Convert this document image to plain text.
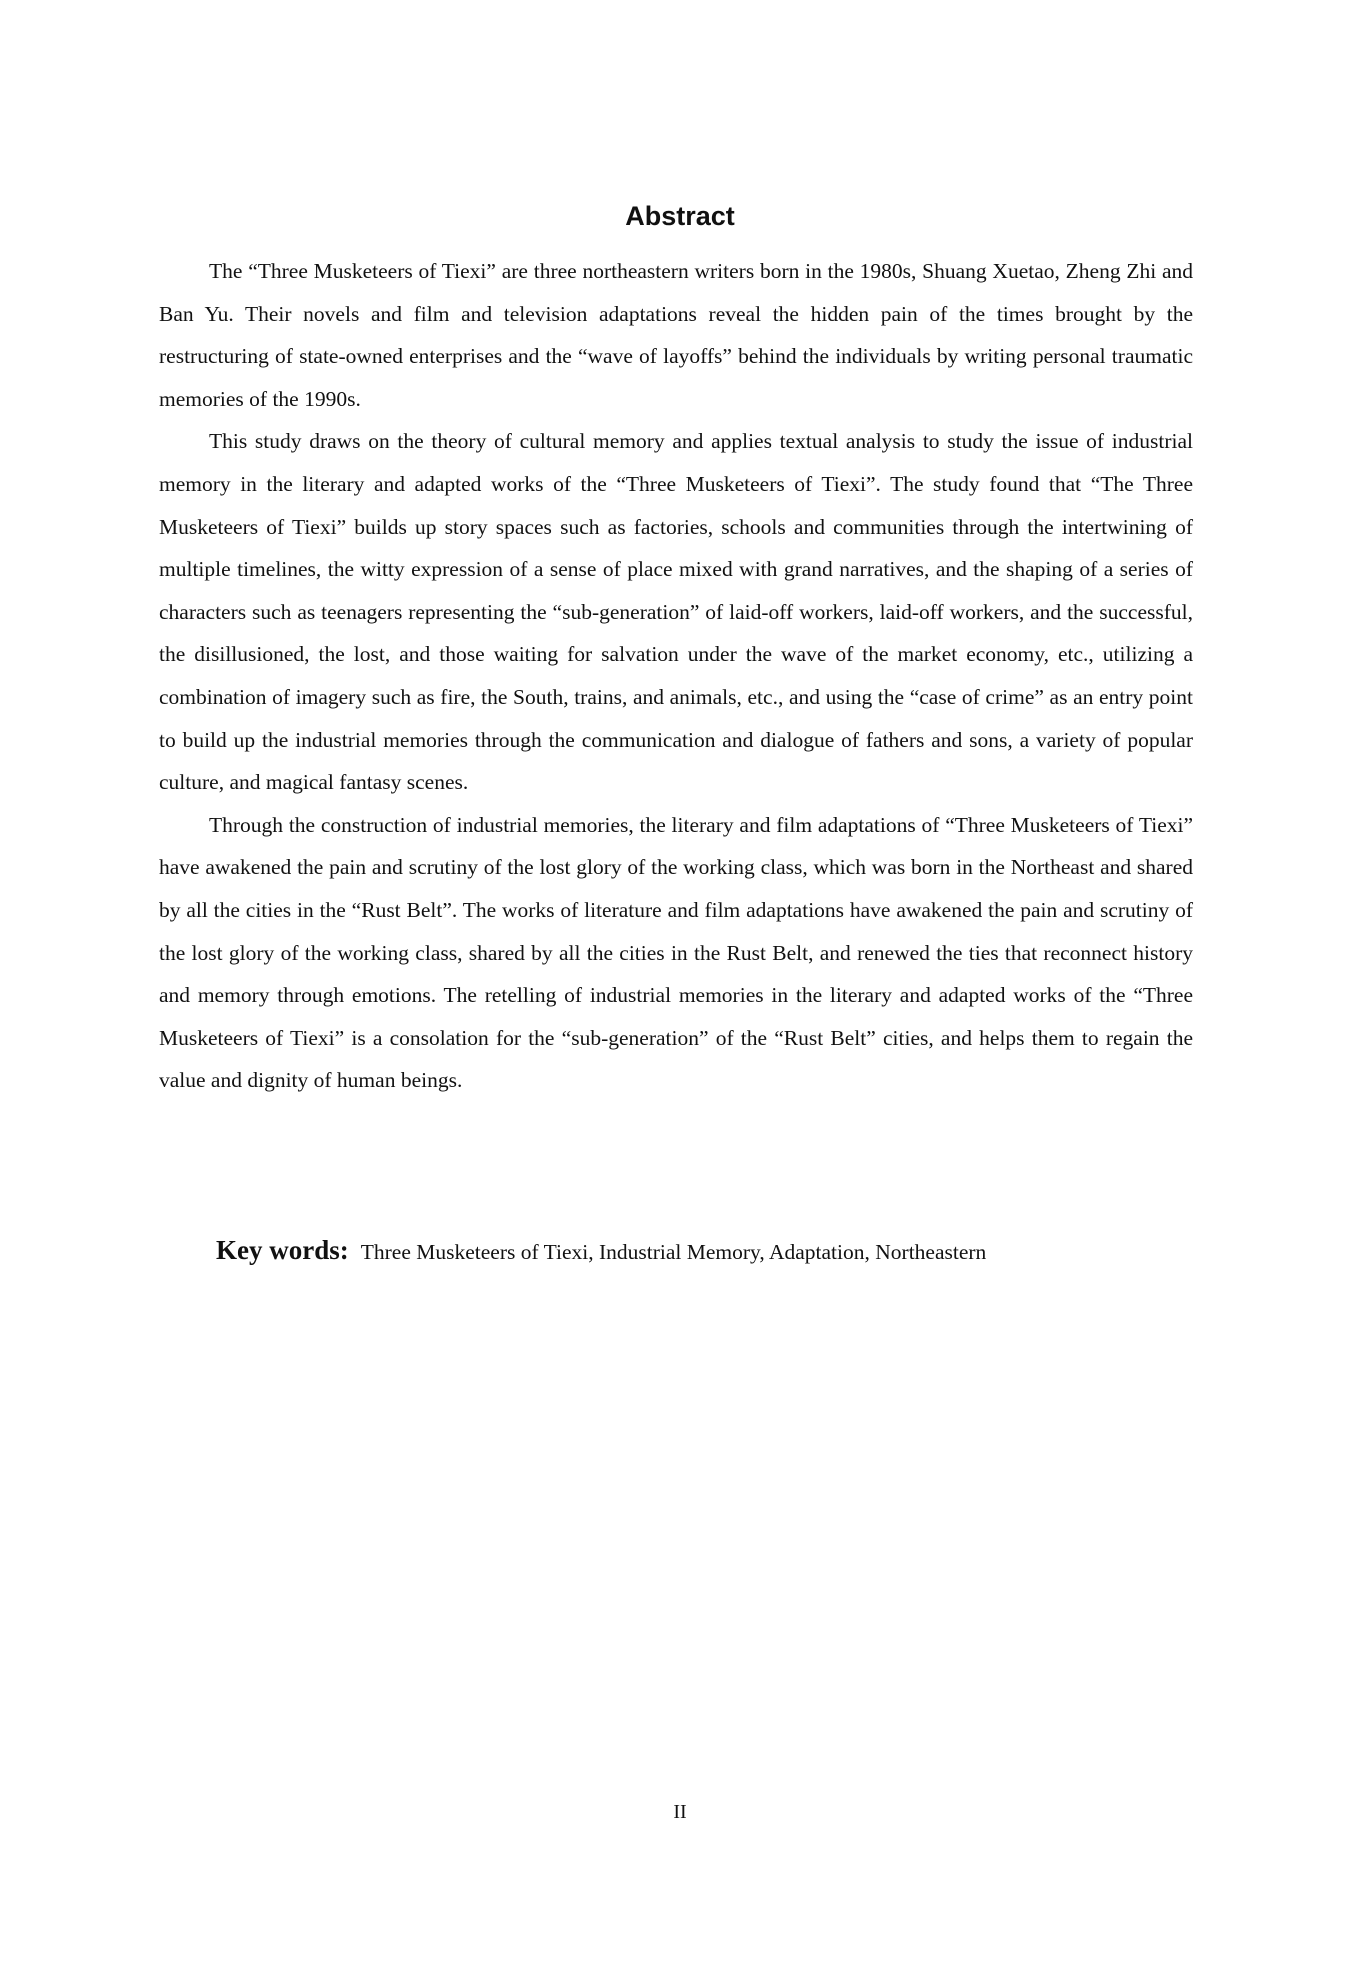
Abstract

The “Three Musketeers of Tiexi” are three northeastern writers born in the 1980s, Shuang Xuetao, Zheng Zhi and Ban Yu. Their novels and film and television adaptations reveal the hidden pain of the times brought by the restructuring of state-owned enterprises and the “wave of layoffs” behind the individuals by writing personal traumatic memories of the 1990s.

This study draws on the theory of cultural memory and applies textual analysis to study the issue of industrial memory in the literary and adapted works of the “Three Musketeers of Tiexi”. The study found that “The Three Musketeers of Tiexi” builds up story spaces such as factories, schools and communities through the intertwining of multiple timelines, the witty expression of a sense of place mixed with grand narratives, and the shaping of a series of characters such as teenagers representing the “sub-generation” of laid-off workers, laid-off workers, and the successful, the disillusioned, the lost, and those waiting for salvation under the wave of the market economy, etc., utilizing a combination of imagery such as fire, the South, trains, and animals, etc., and using the “case of crime” as an entry point to build up the industrial memories through the communication and dialogue of fathers and sons, a variety of popular culture, and magical fantasy scenes.

Through the construction of industrial memories, the literary and film adaptations of “Three Musketeers of Tiexi” have awakened the pain and scrutiny of the lost glory of the working class, which was born in the Northeast and shared by all the cities in the “Rust Belt”. The works of literature and film adaptations have awakened the pain and scrutiny of the lost glory of the working class, shared by all the cities in the Rust Belt, and renewed the ties that reconnect history and memory through emotions. The retelling of industrial memories in the literary and adapted works of the “Three Musketeers of Tiexi” is a consolation for the “sub-generation” of the “Rust Belt” cities, and helps them to regain the value and dignity of human beings.

Key words: Three Musketeers of Tiexi, Industrial Memory, Adaptation, Northeastern
II
